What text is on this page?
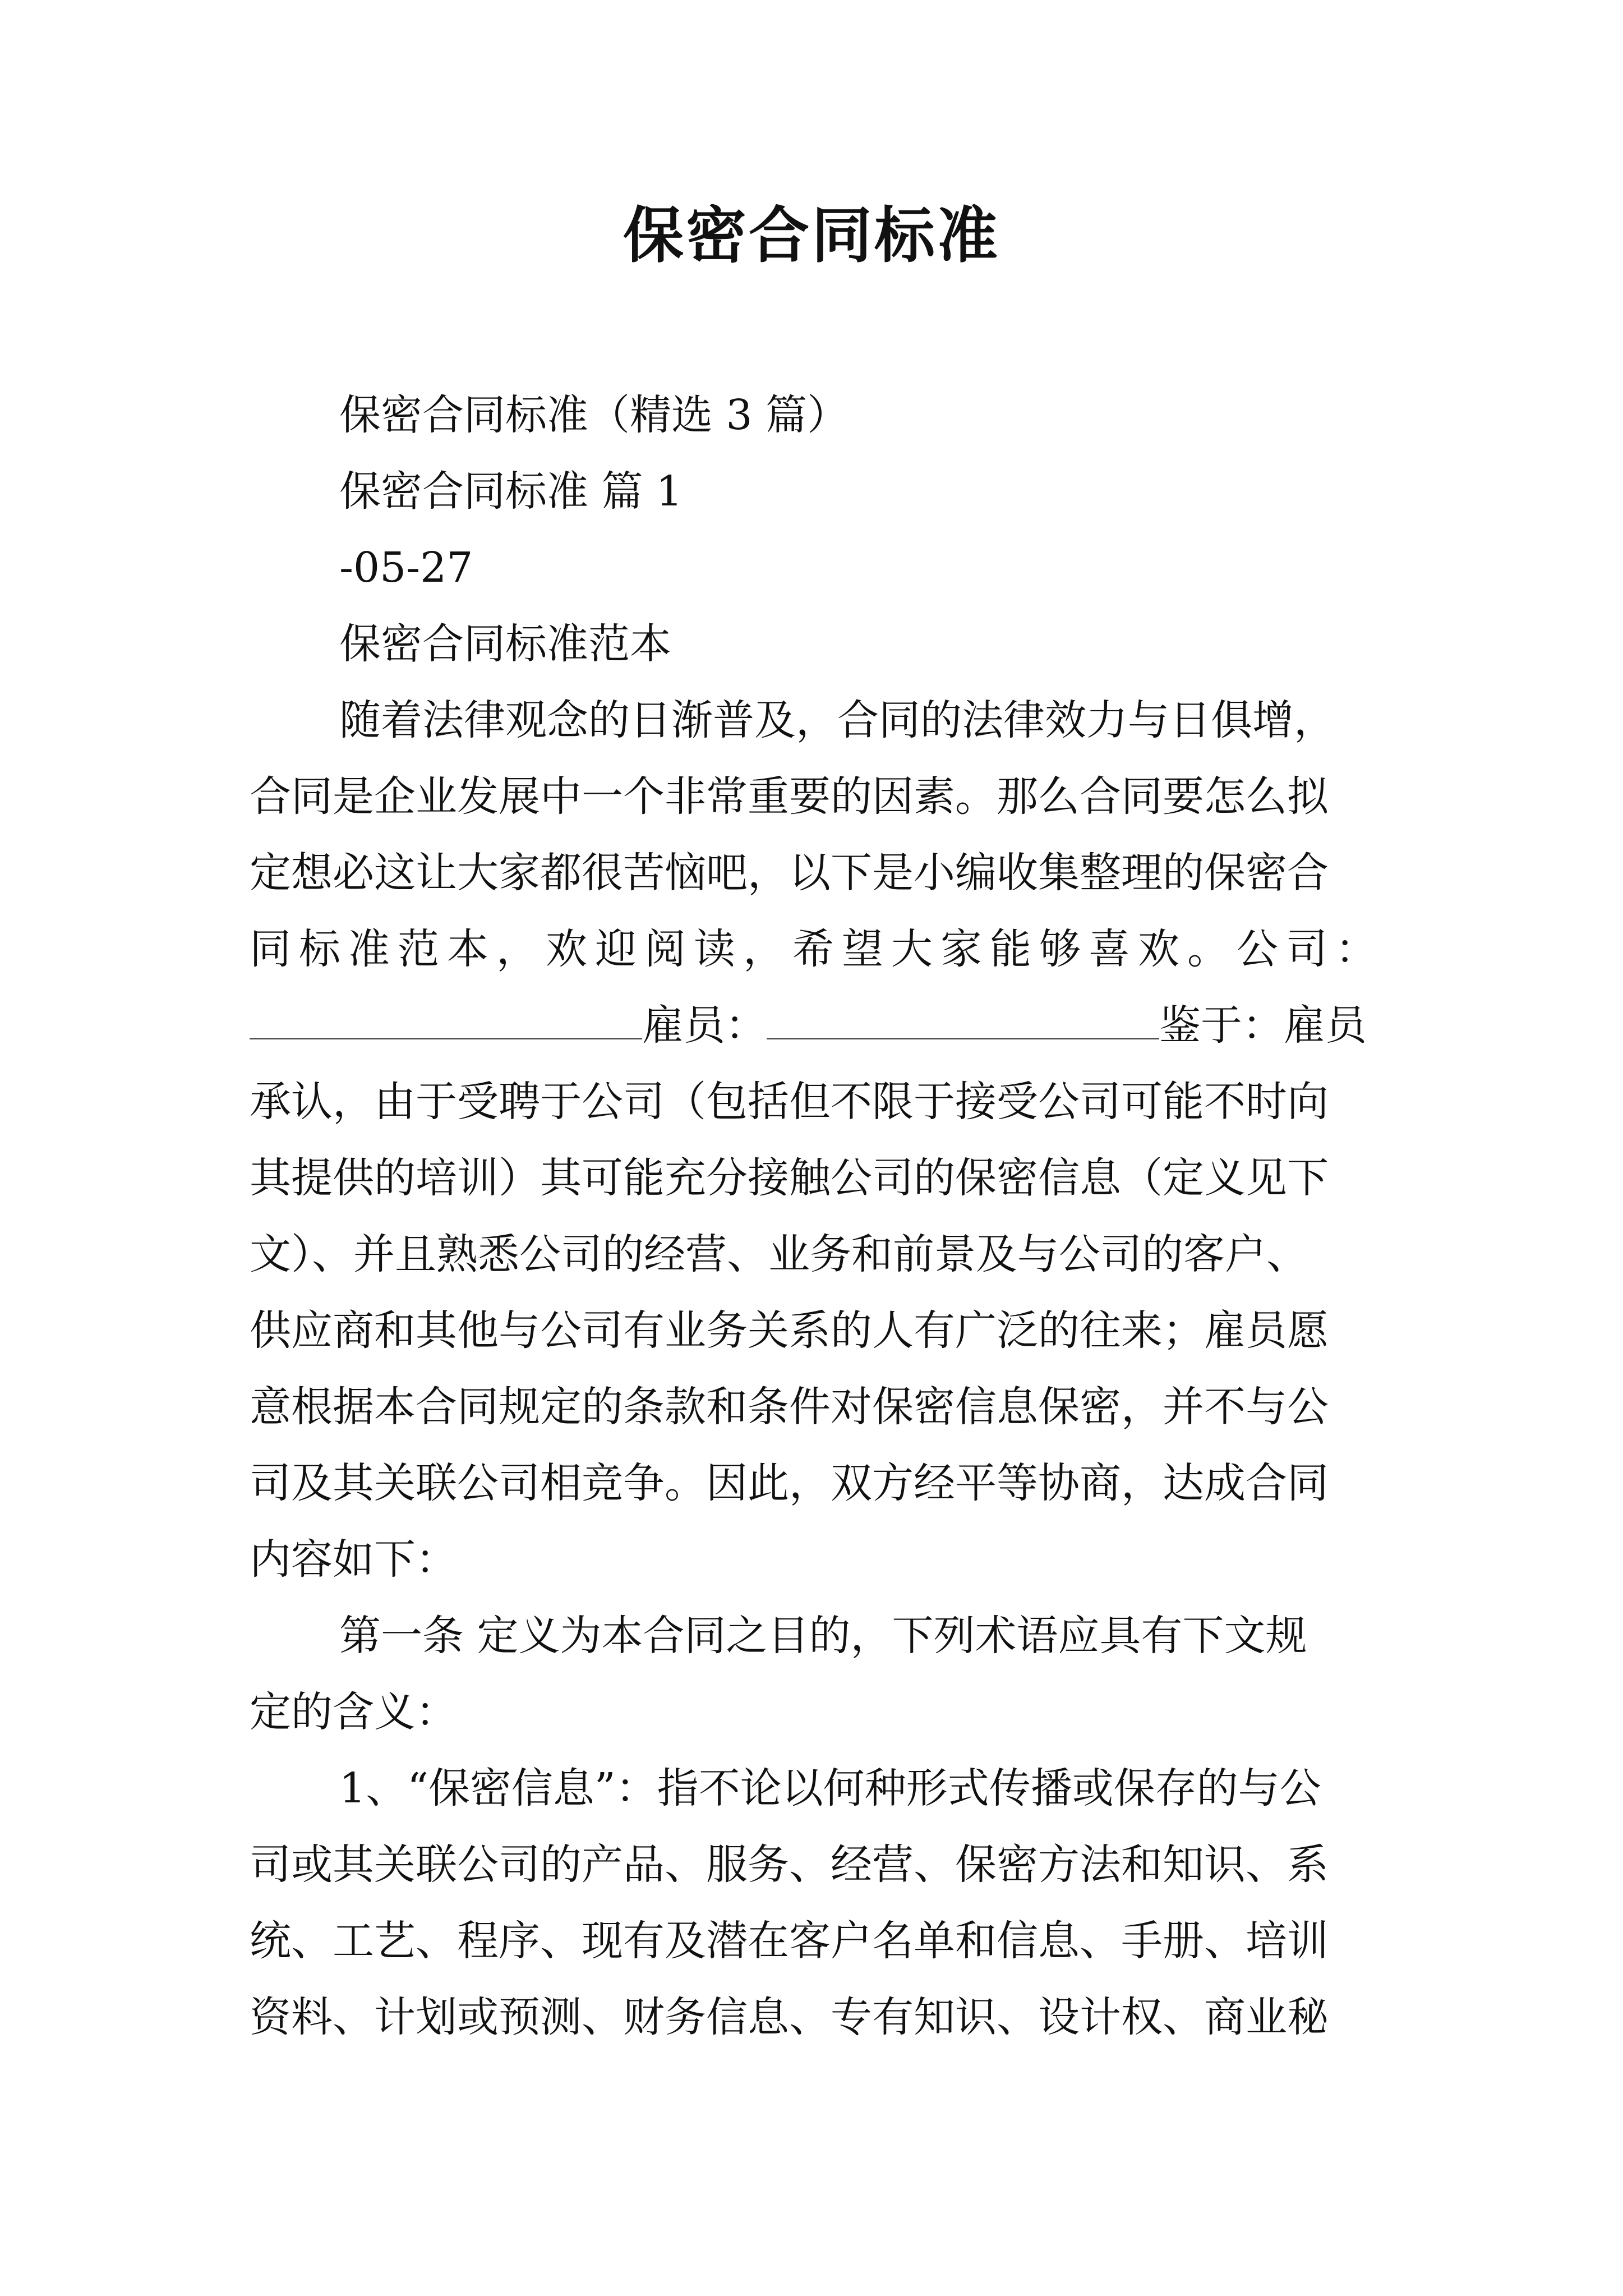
保密合同标准
保密合同标准（精选 3 篇）
保密合同标准 篇 1
-05-27
保密合同标准范本
随着法律观念的日渐普及，合同的法律效力与日俱增，
合同是企业发展中一个非常重要的因素。那么合同要怎么拟
定想必这让大家都很苦恼吧，以下是小编收集整理的保密合
同标准范本，欢迎阅读，希望大家能够喜欢。公司：
雇员：	鉴于：雇员
承认，由于受聘于公司（包括但不限于接受公司可能不时向
其提供的培训）其可能充分接触公司的保密信息（定义见下
文）、并且熟悉公司的经营、业务和前景及与公司的客户、
供应商和其他与公司有业务关系的人有广泛的往来；雇员愿
意根据本合同规定的条款和条件对保密信息保密，并不与公
司及其关联公司相竞争。因此，双方经平等协商，达成合同
内容如下：
第一条 定义为本合同之目的，下列术语应具有下文规
定的含义：
1、“保密信息”：指不论以何种形式传播或保存的与公
司或其关联公司的产品、服务、经营、保密方法和知识、系
统、工艺、程序、现有及潜在客户名单和信息、手册、培训
资料、计划或预测、财务信息、专有知识、设计权、商业秘
